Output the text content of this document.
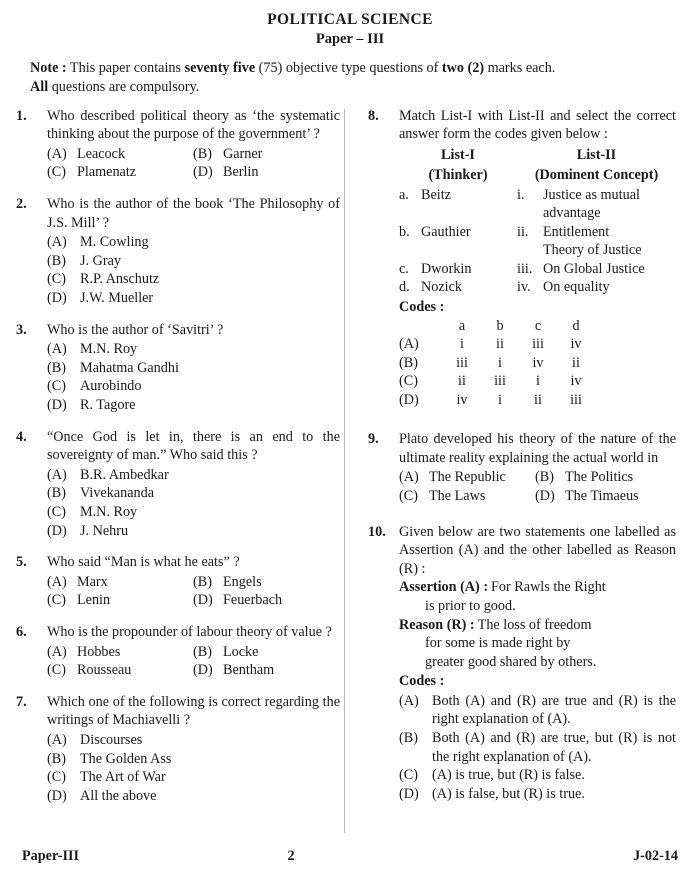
POLITICAL SCIENCE
Paper – III
Note : This paper contains seventy five (75) objective type questions of two (2) marks each.
All questions are compulsory.
1.	Who described political theory as ‘the systematic thinking about the purpose of the government’ ?
(A) Leacock	(B) Garner
(C) Plamenatz	(D) Berlin
2.	Who is the author of the book ‘The Philosophy of J.S. Mill’ ?
(A) M. Cowling
(B) J. Gray
(C) R.P. Anschutz
(D) J.W. Mueller
3.	Who is the author of ‘Savitri’ ?
(A) M.N. Roy
(B) Mahatma Gandhi
(C) Aurobindo
(D) R. Tagore
4.	“Once God is let in, there is an end to the sovereignty of man.” Who said this ?
(A) B.R. Ambedkar
(B) Vivekananda
(C) M.N. Roy
(D) J. Nehru
5.	Who said “Man is what he eats” ?
(A) Marx	(B) Engels
(C) Lenin	(D) Feuerbach
6.	Who is the propounder of labour theory of value ?
(A) Hobbes	(B) Locke
(C) Rousseau	(D) Bentham
7.	Which one of the following is correct regarding the writings of Machiavelli ?
(A) Discourses
(B) The Golden Ass
(C) The Art of War
(D) All the above
8.	Match List-I with List-II and select the correct answer form the codes given below :
List-I	List-II
(Thinker)	(Dominent Concept)
a. Beitz	i.	Justice as mutual
advantage
b. Gauthier	ii.	Entitlement
Theory of Justice
c. Dworkin	iii. On Global Justice
d. Nozick	iv. On equality
Codes :
a	b	c	d
(A)	i	ii	iii	iv
(B)	iii	i	iv	ii
(C)	ii	iii	i	iv
(D)	iv	i	ii	iii
9.	Plato developed his theory of the nature of the ultimate reality explaining the actual world in
(A) The Republic	(B) The Politics
(C) The Laws	(D) The Timaeus
10. Given below are two statements one labelled as Assertion (A) and the other labelled as Reason (R) :
Assertion (A) : For Rawls the Right
is prior to good.
Reason (R) : The loss of freedom
for some is made right by
greater good shared by others.
Codes :
(A) Both (A) and (R) are true and (R) is the right explanation of (A).
(B) Both (A) and (R) are true, but (R) is not the right explanation of (A).
(C) (A) is true, but (R) is false.
(D) (A) is false, but (R) is true.
Paper-III	2	J-02-14
